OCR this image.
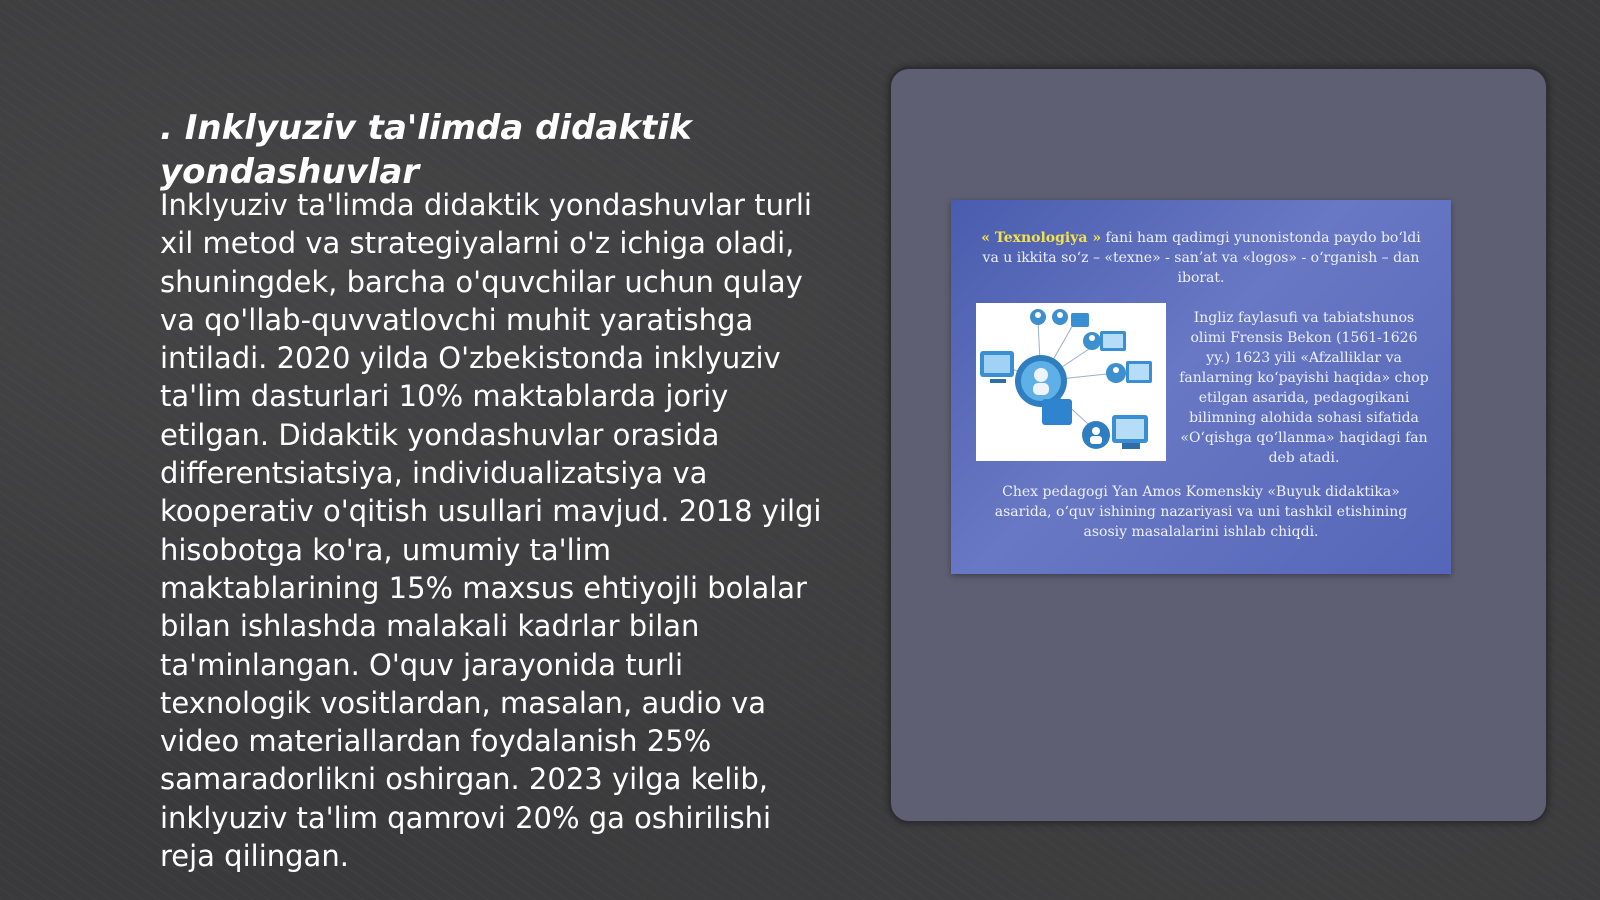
. Inklyuziv ta'limda didaktik yondashuvlar

Inklyuziv ta'limda didaktik yondashuvlar turli xil metod va strategiyalarni o'z ichiga oladi, shuningdek, barcha o'quvchilar uchun qulay va qo'llab-quvvatlovchi muhit yaratishga intiladi. 2020 yilda O'zbekistonda inklyuziv ta'lim dasturlari 10% maktablarda joriy etilgan. Didaktik yondashuvlar orasida differentsiatsiya, individualizatsiya va kooperativ o'qitish usullari mavjud. 2018 yilgi hisobotga ko'ra, umumiy ta'lim maktablarining 15% maxsus ehtiyojli bolalar bilan ishlashda malakali kadrlar bilan ta'minlangan. O'quv jarayonida turli texnologik vositlardan, masalan, audio va video materiallardan foydalanish 25% samaradorlikni oshirgan. 2023 yilga kelib, inklyuziv ta'lim qamrovi 20% ga oshirilishi reja qilingan.

« Texnologiya » fani ham qadimgi yunonistonda paydo bo‘ldi va u ikkita so‘z – «texne» - san’at va «logos» - o‘rganish – dan iborat.

Ingliz faylasufi va tabiatshunos olimi Frensis Bekon (1561-1626 yy.) 1623 yili «Afzalliklar va fanlarning ko‘payishi haqida» chop etilgan asarida, pedagogikani bilimning alohida sohasi sifatida «O‘qishga qo‘llanma» haqidagi fan deb atadi.

Chex pedagogi Yan Amos Komenskiy «Buyuk didaktika» asarida, o‘quv ishining nazariyasi va uni tashkil etishining asosiy masalalarini ishlab chiqdi.
